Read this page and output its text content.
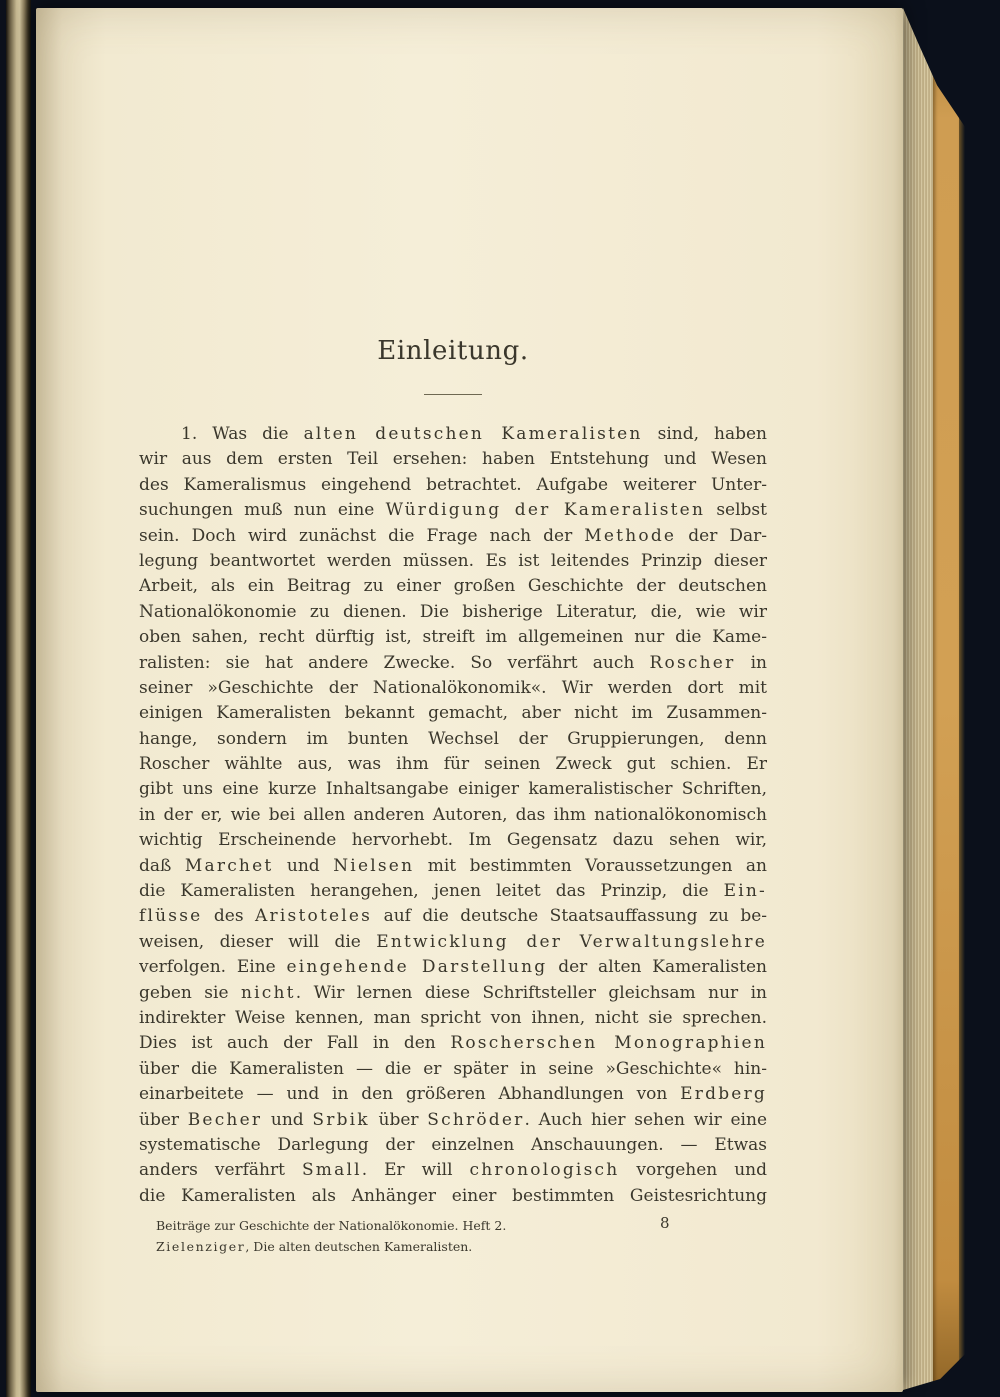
Einleitung.
1. Was die alten deutschen Kameralisten sind, haben
wir aus dem ersten Teil ersehen: haben Entstehung und Wesen
des Kameralismus eingehend betrachtet. Aufgabe weiterer Unter-
suchungen muß nun eine Würdigung der Kameralisten selbst
sein. Doch wird zunächst die Frage nach der Methode der Dar-
legung beantwortet werden müssen. Es ist leitendes Prinzip dieser
Arbeit, als ein Beitrag zu einer großen Geschichte der deutschen
Nationalökonomie zu dienen. Die bisherige Literatur, die, wie wir
oben sahen, recht dürftig ist, streift im allgemeinen nur die Kame-
ralisten: sie hat andere Zwecke. So verfährt auch Roscher in
seiner »Geschichte der Nationalökonomik«. Wir werden dort mit
einigen Kameralisten bekannt gemacht, aber nicht im Zusammen-
hange, sondern im bunten Wechsel der Gruppierungen, denn
Roscher wählte aus, was ihm für seinen Zweck gut schien. Er
gibt uns eine kurze Inhaltsangabe einiger kameralistischer Schriften,
in der er, wie bei allen anderen Autoren, das ihm nationalökonomisch
wichtig Erscheinende hervorhebt. Im Gegensatz dazu sehen wir,
daß Marchet und Nielsen mit bestimmten Voraussetzungen an
die Kameralisten herangehen, jenen leitet das Prinzip, die Ein-
flüsse des Aristoteles auf die deutsche Staatsauffassung zu be-
weisen, dieser will die Entwicklung der Verwaltungslehre
verfolgen. Eine eingehende Darstellung der alten Kameralisten
geben sie nicht. Wir lernen diese Schriftsteller gleichsam nur in
indirekter Weise kennen, man spricht von ihnen, nicht sie sprechen.
Dies ist auch der Fall in den Roscherschen Monographien
über die Kameralisten — die er später in seine »Geschichte« hin-
einarbeitete — und in den größeren Abhandlungen von Erdberg
über Becher und Srbik über Schröder. Auch hier sehen wir eine
systematische Darlegung der einzelnen Anschauungen. — Etwas
anders verfährt Small. Er will chronologisch vorgehen und
die Kameralisten als Anhänger einer bestimmten Geistesrichtung
Beiträge zur Geschichte der Nationalökonomie. Heft 2.	8
Zielenziger, Die alten deutschen Kameralisten.
